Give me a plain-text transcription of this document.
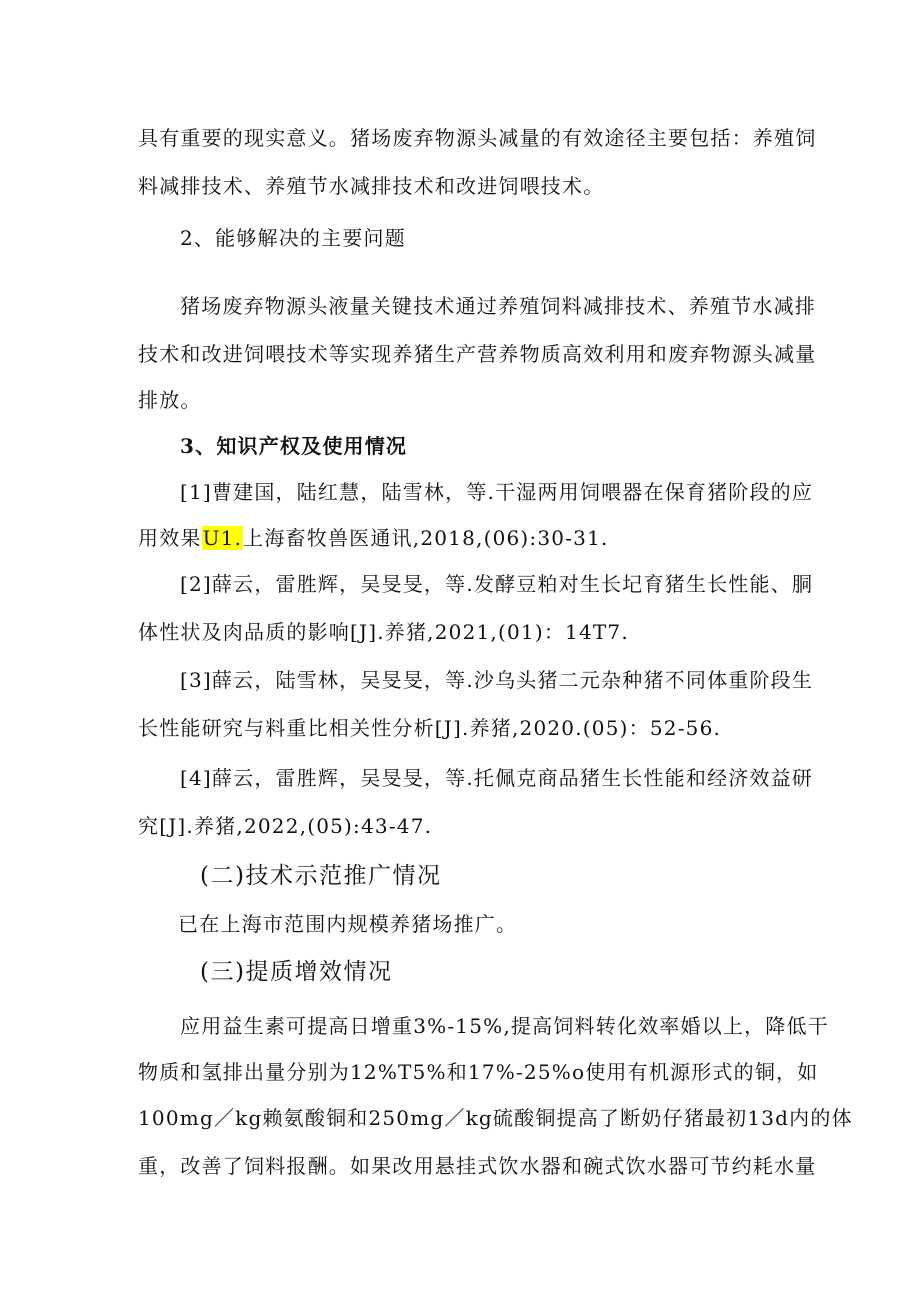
具有重要的现实意义。猪场废弃物源头减量的有效途径主要包括：养殖饲
料减排技术、养殖节水减排技术和改进饲喂技术。
2、能够解决的主要问题
猪场废弃物源头液量关键技术通过养殖饲料减排技术、养殖节水减排
技术和改进饲喂技术等实现养猪生产营养物质高效利用和废弃物源头减量
排放。
3、知识产权及使用情况
[1]曹建国，陆红慧，陆雪林，等.干湿两用饲喂器在保育猪阶段的应
用效果U1.上海畜牧兽医通讯,2018,(06):30-31.
[2]薛云，雷胜辉，吴旻旻，等.发酵豆粕对生长圮育猪生长性能、胴
体性状及肉品质的影响[J].养猪,2021,(01)：14T7.
[3]薛云，陆雪林，吴旻旻，等.沙乌头猪二元杂种猪不同体重阶段生
长性能研究与料重比相关性分析[J].养猪,2020.(05)：52-56.
[4]薛云，雷胜辉，吴旻旻，等.托佩克商品猪生长性能和经济效益研
究[J].养猪,2022,(05):43-47.
(二)技术示范推广情况
已在上海市范围内规模养猪场推广。
(三)提质增效情况
应用益生素可提高日增重3%-15%,提高饲料转化效率婚以上，降低干
物质和氢排出量分别为12%T5%和17%-25%o使用有机源形式的铜，如
100mg／kg赖氨酸铜和250mg／kg硫酸铜提高了断奶仔猪最初13d内的体
重，改善了饲料报酬。如果改用悬挂式饮水器和碗式饮水器可节约耗水量
